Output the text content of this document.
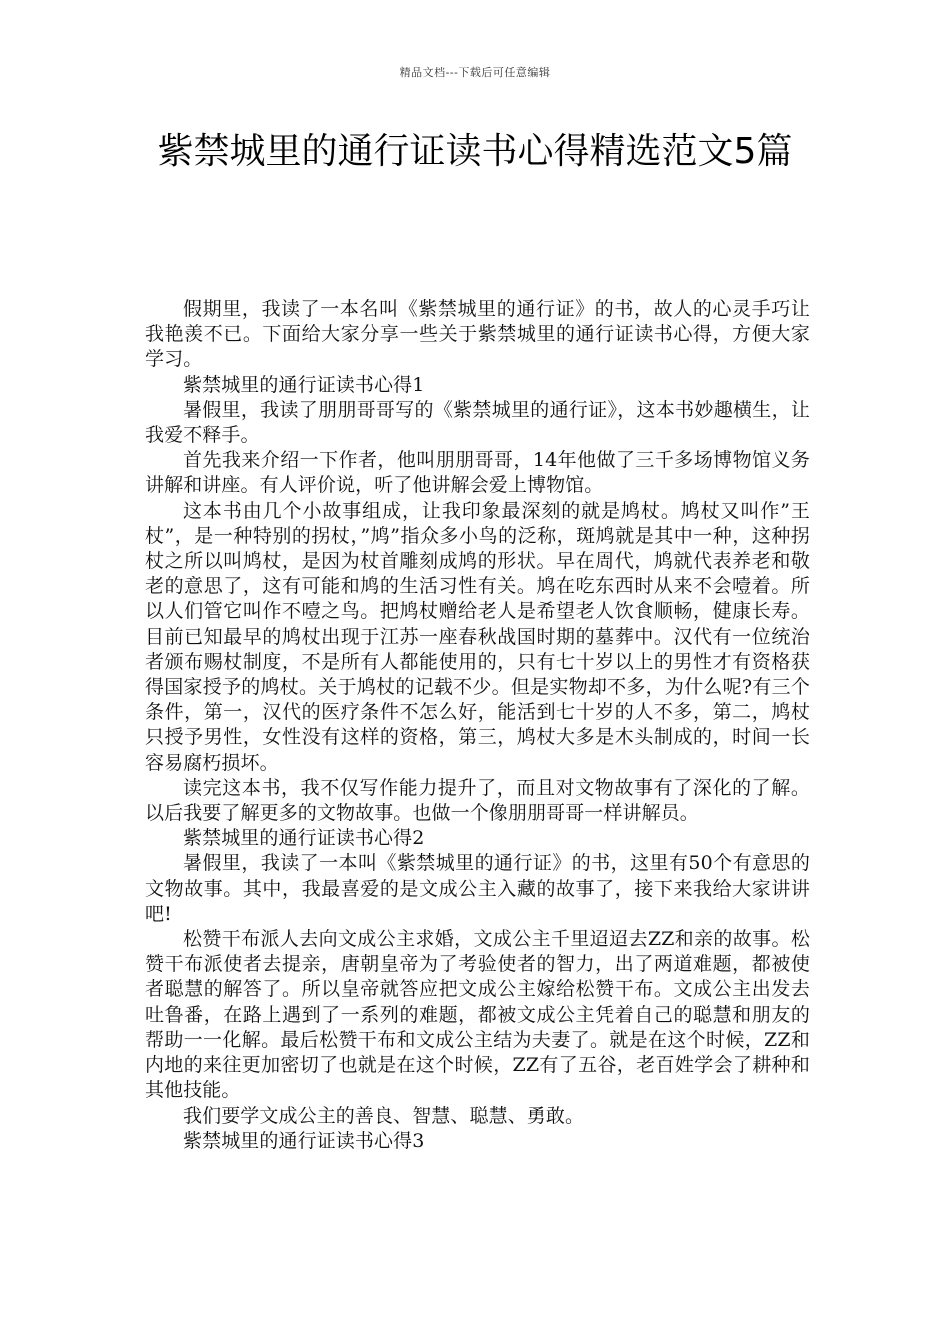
精品文档---下载后可任意编辑
紫禁城里的通行证读书心得精选范文5篇

假期里，我读了一本名叫《紫禁城里的通行证》的书，故人的心灵手巧让我艳羡不已。下面给大家分享一些关于紫禁城里的通行证读书心得，方便大家学习。

紫禁城里的通行证读书心得1

暑假里，我读了朋朋哥哥写的《紫禁城里的通行证》，这本书妙趣横生，让我爱不释手。

首先我来介绍一下作者，他叫朋朋哥哥，14年他做了三千多场博物馆义务讲解和讲座。有人评价说，听了他讲解会爱上博物馆。

这本书由几个小故事组成，让我印象最深刻的就是鸠杖。鸠杖又叫作”王杖”，是一种特别的拐杖，”鸠”指众多小鸟的泛称，斑鸠就是其中一种，这种拐杖之所以叫鸠杖，是因为杖首雕刻成鸠的形状。早在周代，鸠就代表养老和敬老的意思了，这有可能和鸠的生活习性有关。鸠在吃东西时从来不会噎着。所以人们管它叫作不噎之鸟。把鸠杖赠给老人是希望老人饮食顺畅，健康长寿。目前已知最早的鸠杖出现于江苏一座春秋战国时期的墓葬中。汉代有一位统治者颁布赐杖制度，不是所有人都能使用的，只有七十岁以上的男性才有资格获得国家授予的鸠杖。关于鸠杖的记载不少。但是实物却不多，为什么呢?有三个条件，第一，汉代的医疗条件不怎么好，能活到七十岁的人不多，第二，鸠杖只授予男性，女性没有这样的资格，第三，鸠杖大多是木头制成的，时间一长容易腐朽损坏。

读完这本书，我不仅写作能力提升了，而且对文物故事有了深化的了解。以后我要了解更多的文物故事。也做一个像朋朋哥哥一样讲解员。

紫禁城里的通行证读书心得2

暑假里，我读了一本叫《紫禁城里的通行证》的书，这里有50个有意思的文物故事。其中，我最喜爱的是文成公主入藏的故事了，接下来我给大家讲讲吧!

松赞干布派人去向文成公主求婚，文成公主千里迢迢去ZZ和亲的故事。松赞干布派使者去提亲，唐朝皇帝为了考验使者的智力，出了两道难题，都被使者聪慧的解答了。所以皇帝就答应把文成公主嫁给松赞干布。文成公主出发去吐鲁番，在路上遇到了一系列的难题，都被文成公主凭着自己的聪慧和朋友的帮助一一化解。最后松赞干布和文成公主结为夫妻了。就是在这个时候，ZZ和内地的来往更加密切了也就是在这个时候，ZZ有了五谷，老百姓学会了耕种和其他技能。

我们要学文成公主的善良、智慧、聪慧、勇敢。

紫禁城里的通行证读书心得3
